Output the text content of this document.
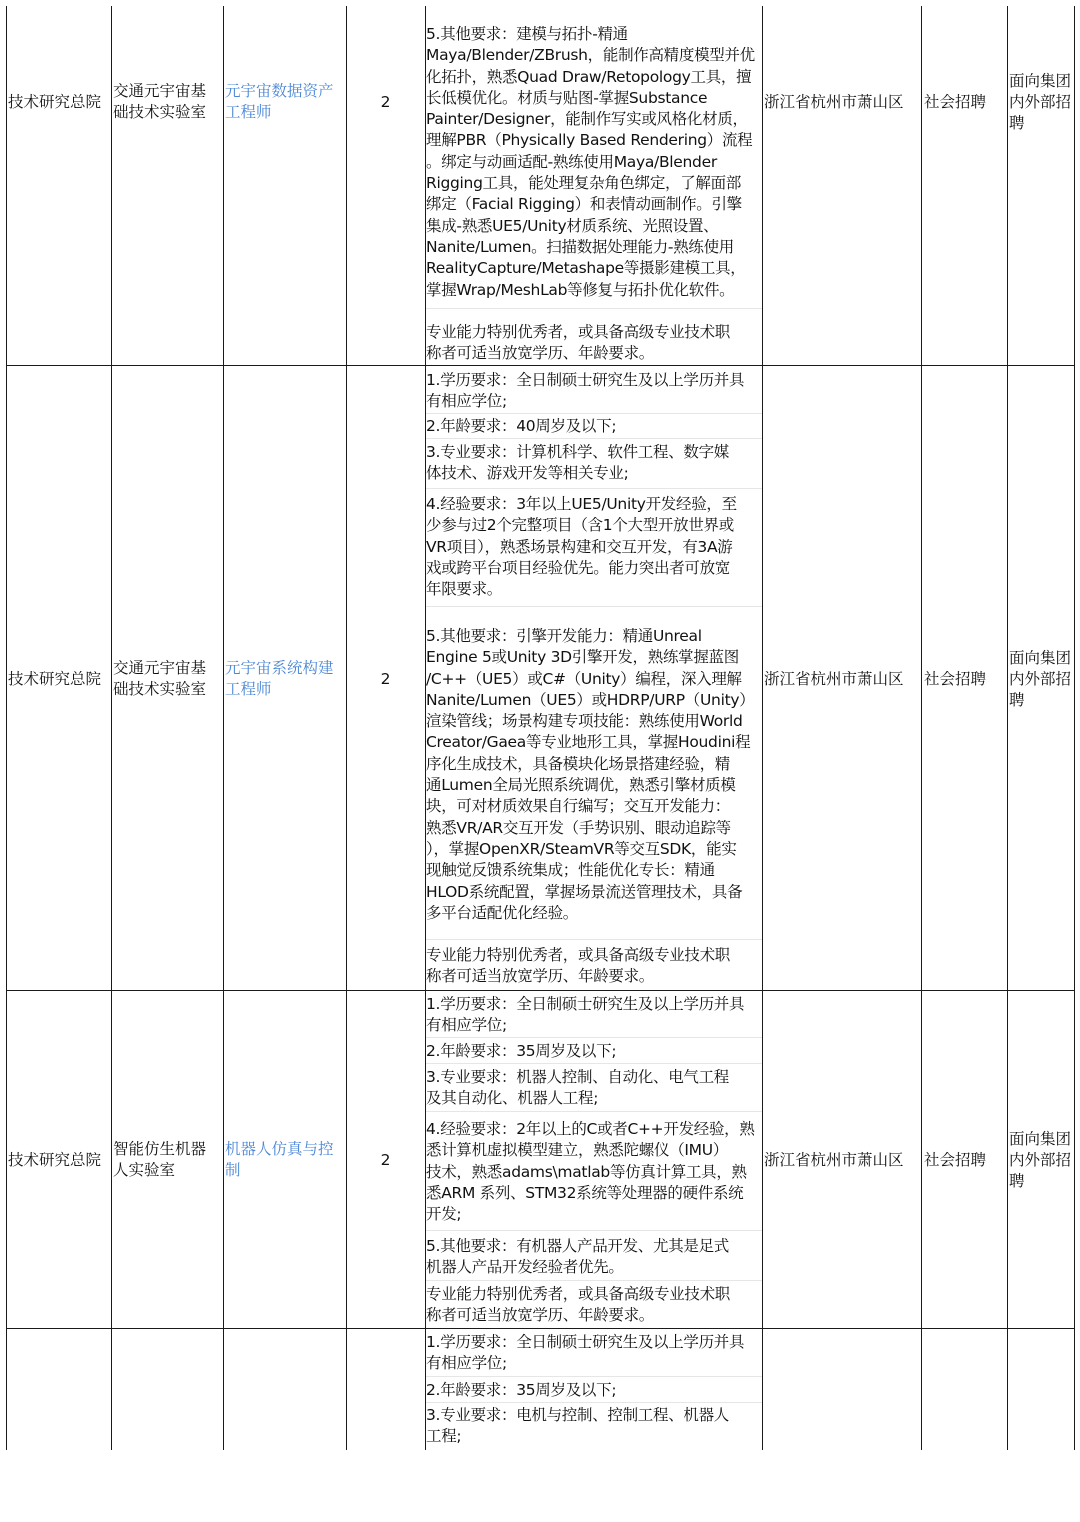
技术研究总院
交通元宇宙基
础技术实验室
元宇宙数据资产
工程师
2
5.其他要求：建模与拓扑-精通
Maya/Blender/ZBrush，能制作高精度模型并优
化拓扑，熟悉Quad Draw/Retopology工具，擅
长低模优化。材质与贴图-掌握Substance
Painter/Designer，能制作写实或风格化材质，
理解PBR（Physically Based Rendering）流程
。绑定与动画适配-熟练使用Maya/Blender
Rigging工具，能处理复杂角色绑定，了解面部
绑定（Facial Rigging）和表情动画制作。引擎
集成-熟悉UE5/Unity材质系统、光照设置、
Nanite/Lumen。扫描数据处理能力-熟练使用
RealityCapture/Metashape等摄影建模工具，
掌握Wrap/MeshLab等修复与拓扑优化软件。
专业能力特别优秀者，或具备高级专业技术职
称者可适当放宽学历、年龄要求。
浙江省杭州市萧山区 社会招聘
面向集团
内外部招
聘
技术研究总院
交通元宇宙基
础技术实验室
元宇宙系统构建
工程师
2
1.学历要求：全日制硕士研究生及以上学历并具
有相应学位;
2.年龄要求：40周岁及以下;
3.专业要求：计算机科学、软件工程、数字媒
体技术、游戏开发等相关专业;
4.经验要求：3年以上UE5/Unity开发经验，至
少参与过2个完整项目（含1个大型开放世界或
VR项目），熟悉场景构建和交互开发，有3A游
戏或跨平台项目经验优先。能力突出者可放宽
年限要求。
5.其他要求：引擎开发能力：精通Unreal
Engine 5或Unity 3D引擎开发，熟练掌握蓝图
/C++（UE5）或C#（Unity）编程，深入理解
Nanite/Lumen（UE5）或HDRP/URP（Unity）
渲染管线；场景构建专项技能：熟练使用World
Creator/Gaea等专业地形工具，掌握Houdini程
序化生成技术，具备模块化场景搭建经验，精
通Lumen全局光照系统调优，熟悉引擎材质模
块，可对材质效果自行编写；交互开发能力：
熟悉VR/AR交互开发（手势识别、眼动追踪等
），掌握OpenXR/SteamVR等交互SDK，能实
现触觉反馈系统集成；性能优化专长：精通
HLOD系统配置，掌握场景流送管理技术，具备
多平台适配优化经验。
专业能力特别优秀者，或具备高级专业技术职
称者可适当放宽学历、年龄要求。
浙江省杭州市萧山区 社会招聘
面向集团
内外部招
聘
技术研究总院
智能仿生机器
人实验室
机器人仿真与控
制
2
1.学历要求：全日制硕士研究生及以上学历并具
有相应学位;
2.年龄要求：35周岁及以下;
3.专业要求：机器人控制、自动化、电气工程
及其自动化、机器人工程;
4.经验要求：2年以上的C或者C++开发经验，熟
悉计算机虚拟模型建立，熟悉陀螺仪（IMU）
技术，熟悉adams\matlab等仿真计算工具，熟
悉ARM 系列、STM32系统等处理器的硬件系统
开发;
5.其他要求：有机器人产品开发、尤其是足式
机器人产品开发经验者优先。
专业能力特别优秀者，或具备高级专业技术职
称者可适当放宽学历、年龄要求。
浙江省杭州市萧山区 社会招聘
面向集团
内外部招
聘
1.学历要求：全日制硕士研究生及以上学历并具
有相应学位;
2.年龄要求：35周岁及以下;
3.专业要求：电机与控制、控制工程、机器人
工程;
